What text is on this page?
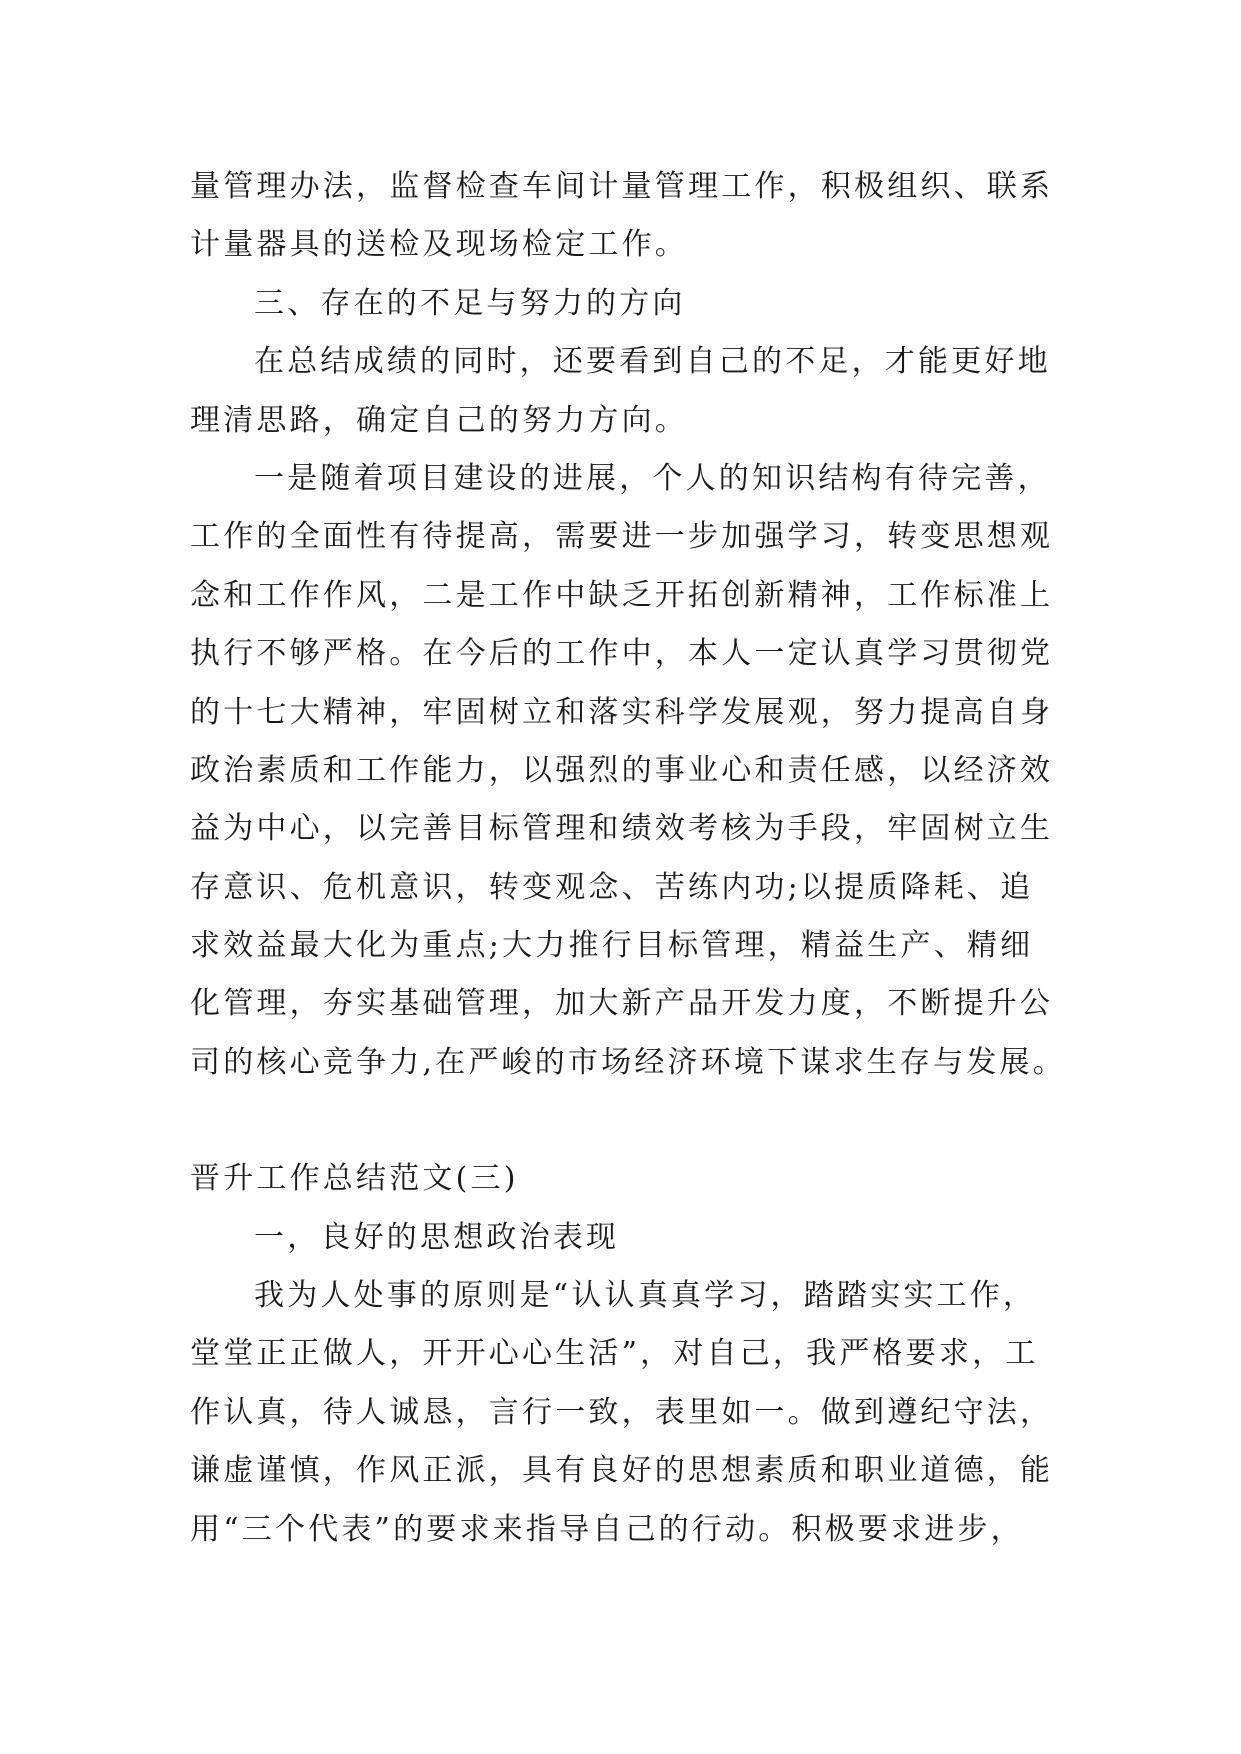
量管理办法，监督检查车间计量管理工作，积极组织、联系
计量器具的送检及现场检定工作。
三、存在的不足与努力的方向
在总结成绩的同时，还要看到自己的不足，才能更好地
理清思路，确定自己的努力方向。
一是随着项目建设的进展，个人的知识结构有待完善，
工作的全面性有待提高，需要进一步加强学习，转变思想观
念和工作作风，二是工作中缺乏开拓创新精神，工作标准上
执行不够严格。在今后的工作中，本人一定认真学习贯彻党
的十七大精神，牢固树立和落实科学发展观，努力提高自身
政治素质和工作能力，以强烈的事业心和责任感，以经济效
益为中心，以完善目标管理和绩效考核为手段，牢固树立生
存意识、危机意识，转变观念、苦练内功;以提质降耗、追
求效益最大化为重点;大力推行目标管理，精益生产、精细
化管理，夯实基础管理，加大新产品开发力度，不断提升公
司的核心竞争力,在严峻的市场经济环境下谋求生存与发展。
晋升工作总结范文(三)
一，良好的思想政治表现
我为人处事的原则是“认认真真学习，踏踏实实工作，
堂堂正正做人，开开心心生活”，对自己，我严格要求，工
作认真，待人诚恳，言行一致，表里如一。做到遵纪守法，
谦虚谨慎，作风正派，具有良好的思想素质和职业道德，能
用“三个代表”的要求来指导自己的行动。积极要求进步，
